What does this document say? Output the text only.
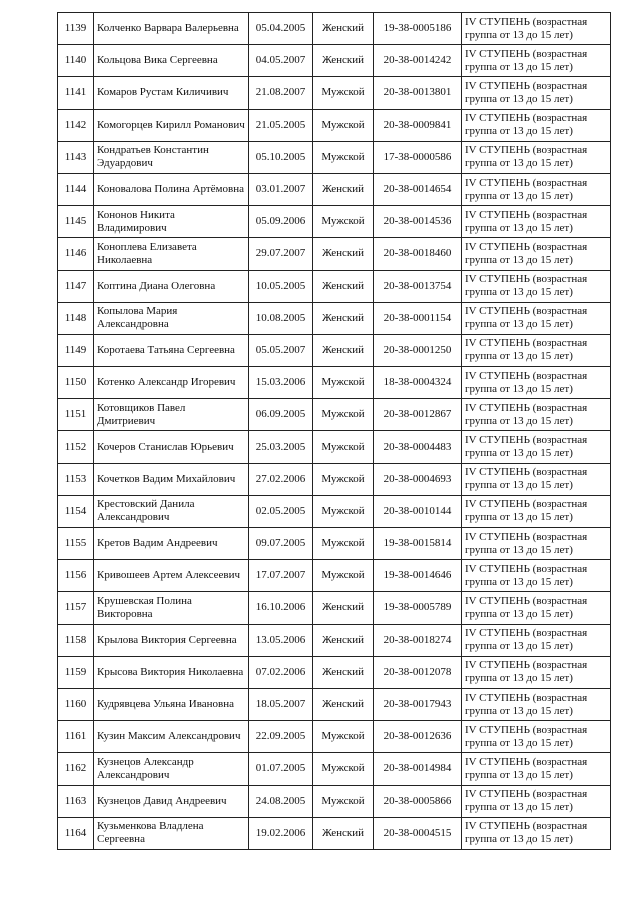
1139	Колченко Варвара Валерьевна	05.04.2005	Женский	19-38-0005186	IV СТУПЕНЬ (возрастная группа от 13 до 15 лет)
1140	Кольцова Вика Сергеевна	04.05.2007	Женский	20-38-0014242	IV СТУПЕНЬ (возрастная группа от 13 до 15 лет)
1141	Комаров Рустам Киличивич	21.08.2007	Мужской	20-38-0013801	IV СТУПЕНЬ (возрастная группа от 13 до 15 лет)
1142	Комогорцев Кирилл Романович	21.05.2005	Мужской	20-38-0009841	IV СТУПЕНЬ (возрастная группа от 13 до 15 лет)
1143	Кондратьев Константин Эдуардович	05.10.2005	Мужской	17-38-0000586	IV СТУПЕНЬ (возрастная группа от 13 до 15 лет)
1144	Коновалова Полина Артёмовна	03.01.2007	Женский	20-38-0014654	IV СТУПЕНЬ (возрастная группа от 13 до 15 лет)
1145	Кононов Никита Владимирович	05.09.2006	Мужской	20-38-0014536	IV СТУПЕНЬ (возрастная группа от 13 до 15 лет)
1146	Коноплева Елизавета Николаевна	29.07.2007	Женский	20-38-0018460	IV СТУПЕНЬ (возрастная группа от 13 до 15 лет)
1147	Коптина Диана Олеговна	10.05.2005	Женский	20-38-0013754	IV СТУПЕНЬ (возрастная группа от 13 до 15 лет)
1148	Копылова Мария Александровна	10.08.2005	Женский	20-38-0001154	IV СТУПЕНЬ (возрастная группа от 13 до 15 лет)
1149	Коротаева Татьяна Сергеевна	05.05.2007	Женский	20-38-0001250	IV СТУПЕНЬ (возрастная группа от 13 до 15 лет)
1150	Котенко Александр Игоревич	15.03.2006	Мужской	18-38-0004324	IV СТУПЕНЬ (возрастная группа от 13 до 15 лет)
1151	Котовщиков Павел Дмитриевич	06.09.2005	Мужской	20-38-0012867	IV СТУПЕНЬ (возрастная группа от 13 до 15 лет)
1152	Кочеров Станислав Юрьевич	25.03.2005	Мужской	20-38-0004483	IV СТУПЕНЬ (возрастная группа от 13 до 15 лет)
1153	Кочетков Вадим Михайлович	27.02.2006	Мужской	20-38-0004693	IV СТУПЕНЬ (возрастная группа от 13 до 15 лет)
1154	Крестовский Данила Александрович	02.05.2005	Мужской	20-38-0010144	IV СТУПЕНЬ (возрастная группа от 13 до 15 лет)
1155	Кретов Вадим Андреевич	09.07.2005	Мужской	19-38-0015814	IV СТУПЕНЬ (возрастная группа от 13 до 15 лет)
1156	Кривошеев Артем Алексеевич	17.07.2007	Мужской	19-38-0014646	IV СТУПЕНЬ (возрастная группа от 13 до 15 лет)
1157	Крушевская Полина Викторовна	16.10.2006	Женский	19-38-0005789	IV СТУПЕНЬ (возрастная группа от 13 до 15 лет)
1158	Крылова Виктория Сергеевна	13.05.2006	Женский	20-38-0018274	IV СТУПЕНЬ (возрастная группа от 13 до 15 лет)
1159	Крысова Виктория Николаевна	07.02.2006	Женский	20-38-0012078	IV СТУПЕНЬ (возрастная группа от 13 до 15 лет)
1160	Кудрявцева Ульяна Ивановна	18.05.2007	Женский	20-38-0017943	IV СТУПЕНЬ (возрастная группа от 13 до 15 лет)
1161	Кузин Максим Александрович	22.09.2005	Мужской	20-38-0012636	IV СТУПЕНЬ (возрастная группа от 13 до 15 лет)
1162	Кузнецов Александр Александрович	01.07.2005	Мужской	20-38-0014984	IV СТУПЕНЬ (возрастная группа от 13 до 15 лет)
1163	Кузнецов Давид Андреевич	24.08.2005	Мужской	20-38-0005866	IV СТУПЕНЬ (возрастная группа от 13 до 15 лет)
1164	Кузьменкова Владлена Сергеевна	19.02.2006	Женский	20-38-0004515	IV СТУПЕНЬ (возрастная группа от 13 до 15 лет)
